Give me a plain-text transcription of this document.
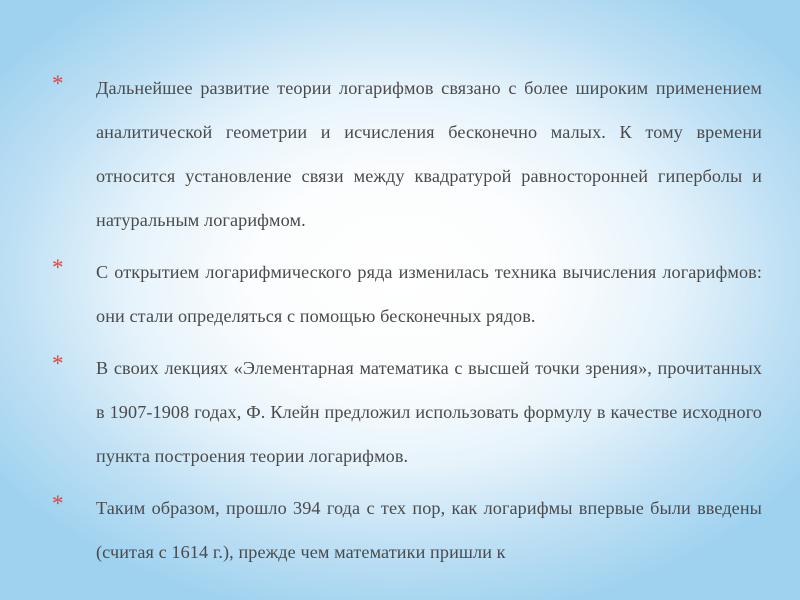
*	Дальнейшее развитие теории логарифмов связано с более широким применением аналитической геометрии и исчисления бесконечно малых. К тому времени относится установление связи между квадратурой равносторонней гиперболы и натуральным логарифмом.
*	С открытием логарифмического ряда изменилась техника вычисления логарифмов: они стали определяться с помощью бесконечных рядов.
*	В своих лекциях «Элементарная математика с высшей точки зрения», прочитанных в 1907-1908 годах, Ф. Клейн предложил использовать формулу в качестве исходного пункта построения теории логарифмов.
*	Таким образом, прошло 394 года с тех пор, как логарифмы впервые были введены (считая с 1614 г.), прежде чем математики пришли к
